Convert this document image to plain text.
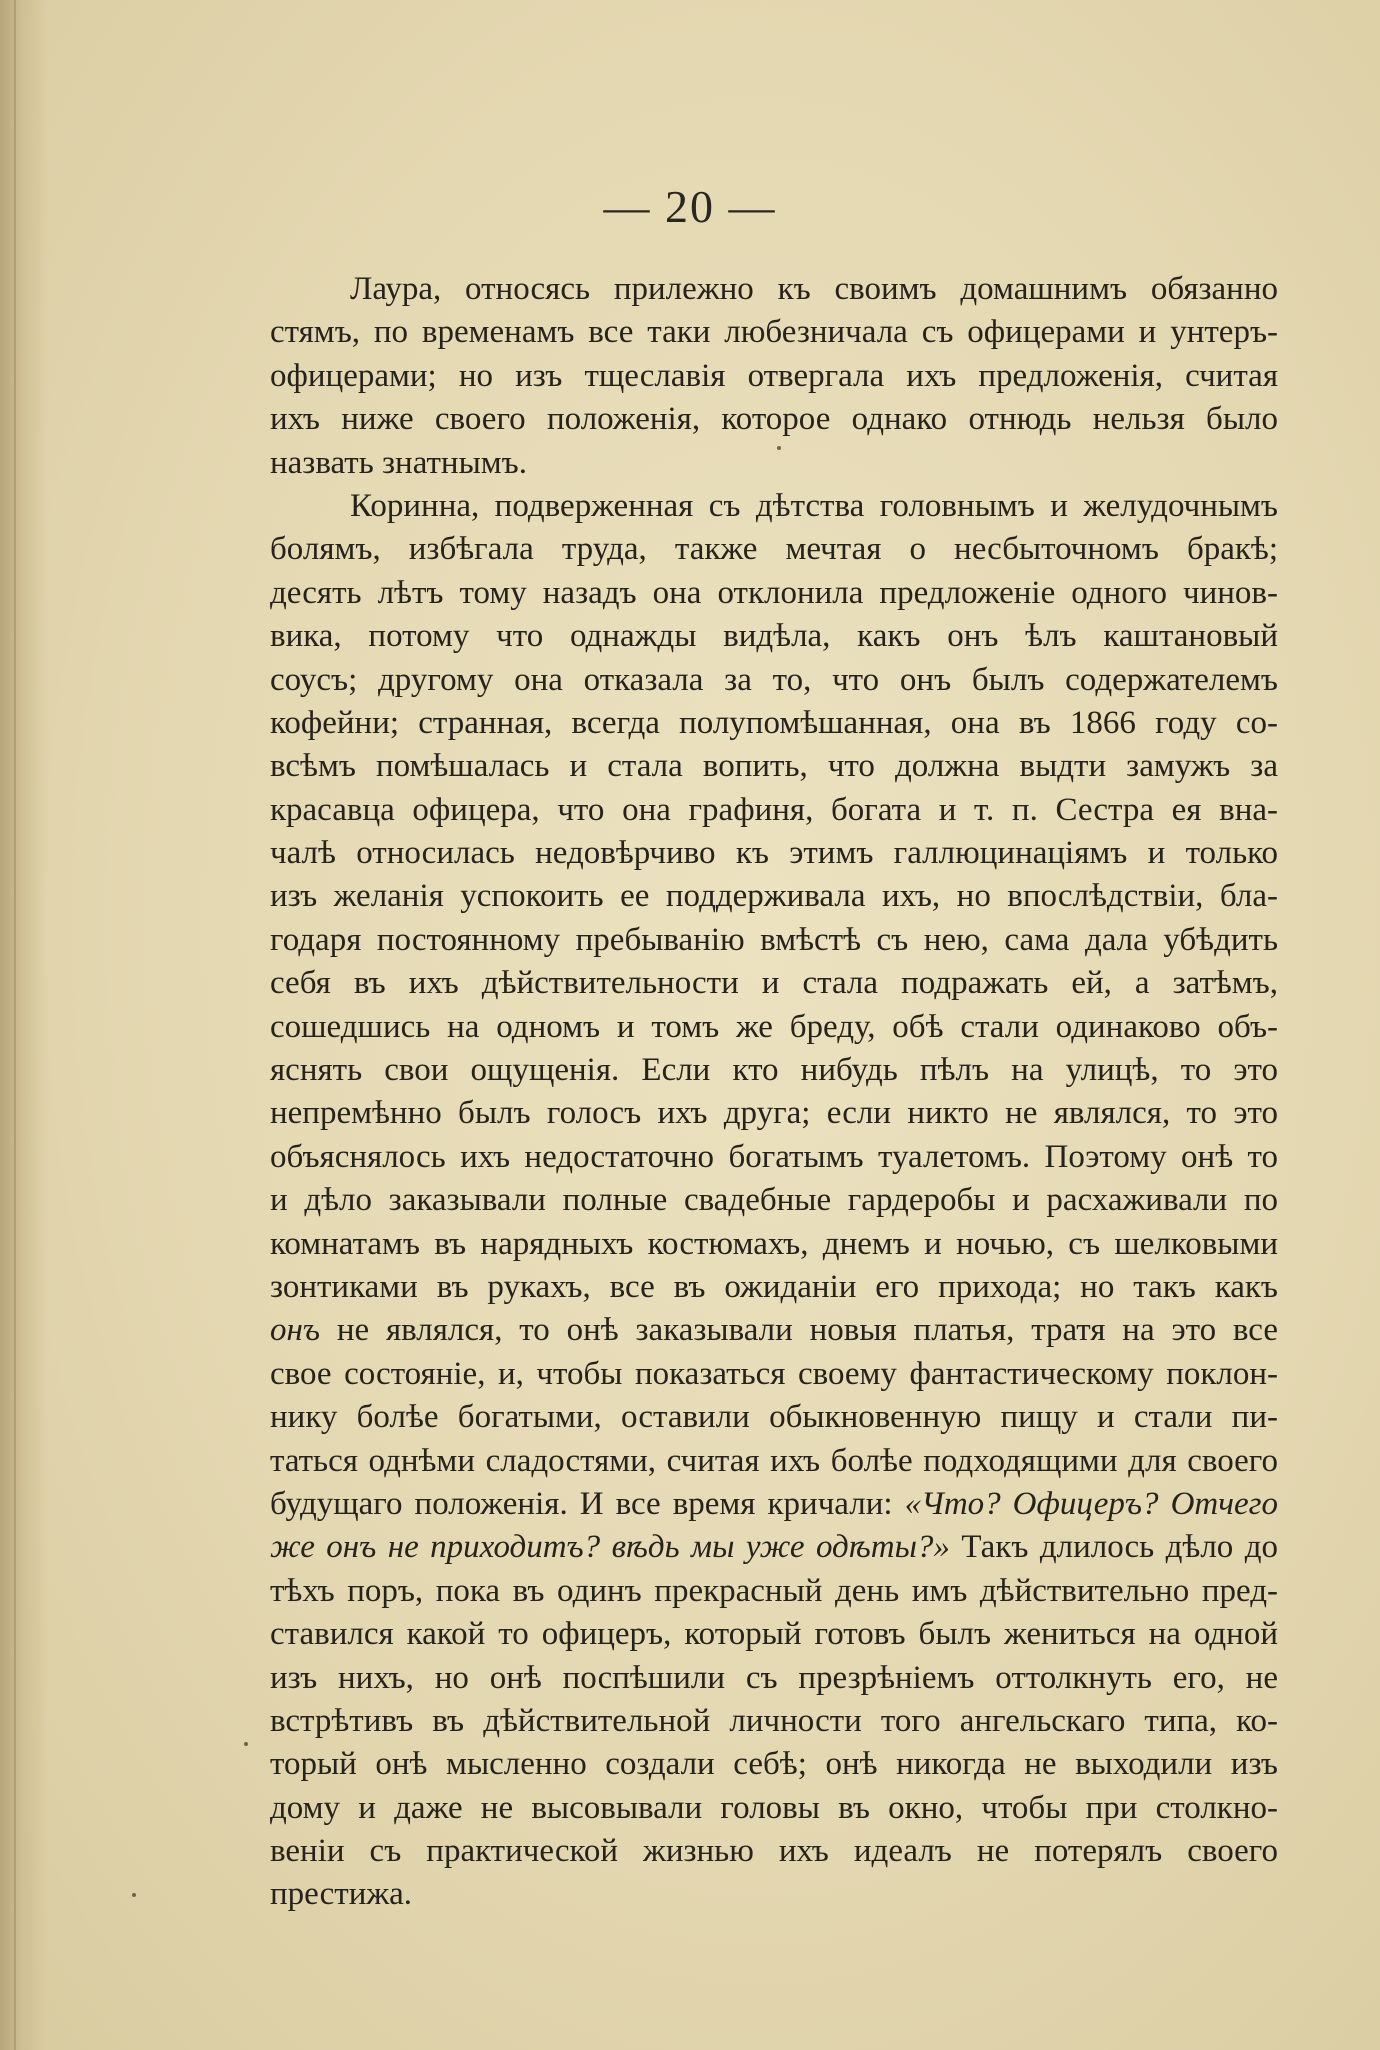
— 20 —
Лаура, относясь прилежно къ своимъ домашнимъ обязанно
стямъ, по временамъ все таки любезничала съ офицерами и унтеръ-
офицерами; но изъ тщеславія отвергала ихъ предложенія, считая
ихъ ниже своего положенія, которое однако отнюдь нельзя было
назвать знатнымъ.
Коринна, подверженная съ дѣтства головнымъ и желудочнымъ
болямъ, избѣгала труда, также мечтая о несбыточномъ бракѣ;
десять лѣтъ тому назадъ она отклонила предложеніе одного чинов-
вика, потому что однажды видѣла, какъ онъ ѣлъ каштановый
соусъ; другому она отказала за то, что онъ былъ содержателемъ
кофейни; странная, всегда полупомѣшанная, она въ 1866 году со-
всѣмъ помѣшалась и стала вопить, что должна выдти замужъ за
красавца офицера, что она графиня, богата и т. п. Сестра ея вна-
чалѣ относилась недовѣрчиво къ этимъ галлюцинаціямъ и только
изъ желанія успокоить ее поддерживала ихъ, но впослѣдствіи, бла-
годаря постоянному пребыванію вмѣстѣ съ нею, сама дала убѣдить
себя въ ихъ дѣйствительности и стала подражать ей, а затѣмъ,
сошедшись на одномъ и томъ же бреду, обѣ стали одинаково объ-
яснять свои ощущенія. Если кто нибудь пѣлъ на улицѣ, то это
непремѣнно былъ голосъ ихъ друга; если никто не являлся, то это
объяснялось ихъ недостаточно богатымъ туалетомъ. Поэтому онѣ то
и дѣло заказывали полные свадебные гардеробы и расхаживали по
комнатамъ въ нарядныхъ костюмахъ, днемъ и ночью, съ шелковыми
зонтиками въ рукахъ, все въ ожиданіи его прихода; но такъ какъ
онъ не являлся, то онѣ заказывали новыя платья, тратя на это все
свое состояніе, и, чтобы показаться своему фантастическому поклон-
нику болѣе богатыми, оставили обыкновенную пищу и стали пи-
таться однѣми сладостями, считая ихъ болѣе подходящими для своего
будущаго положенія. И все время кричали: «Что? Офицеръ? Отчего
же онъ не приходитъ? вѣдь мы уже одѣты?» Такъ длилось дѣло до
тѣхъ поръ, пока въ одинъ прекрасный день имъ дѣйствительно пред-
ставился какой то офицеръ, который готовъ былъ жениться на одной
изъ нихъ, но онѣ поспѣшили съ презрѣніемъ оттолкнуть его, не
встрѣтивъ въ дѣйствительной личности того ангельскаго типа, ко-
торый онѣ мысленно создали себѣ; онѣ никогда не выходили изъ
дому и даже не высовывали головы въ окно, чтобы при столкно-
веніи съ практической жизнью ихъ идеалъ не потерялъ своего
престижа.
